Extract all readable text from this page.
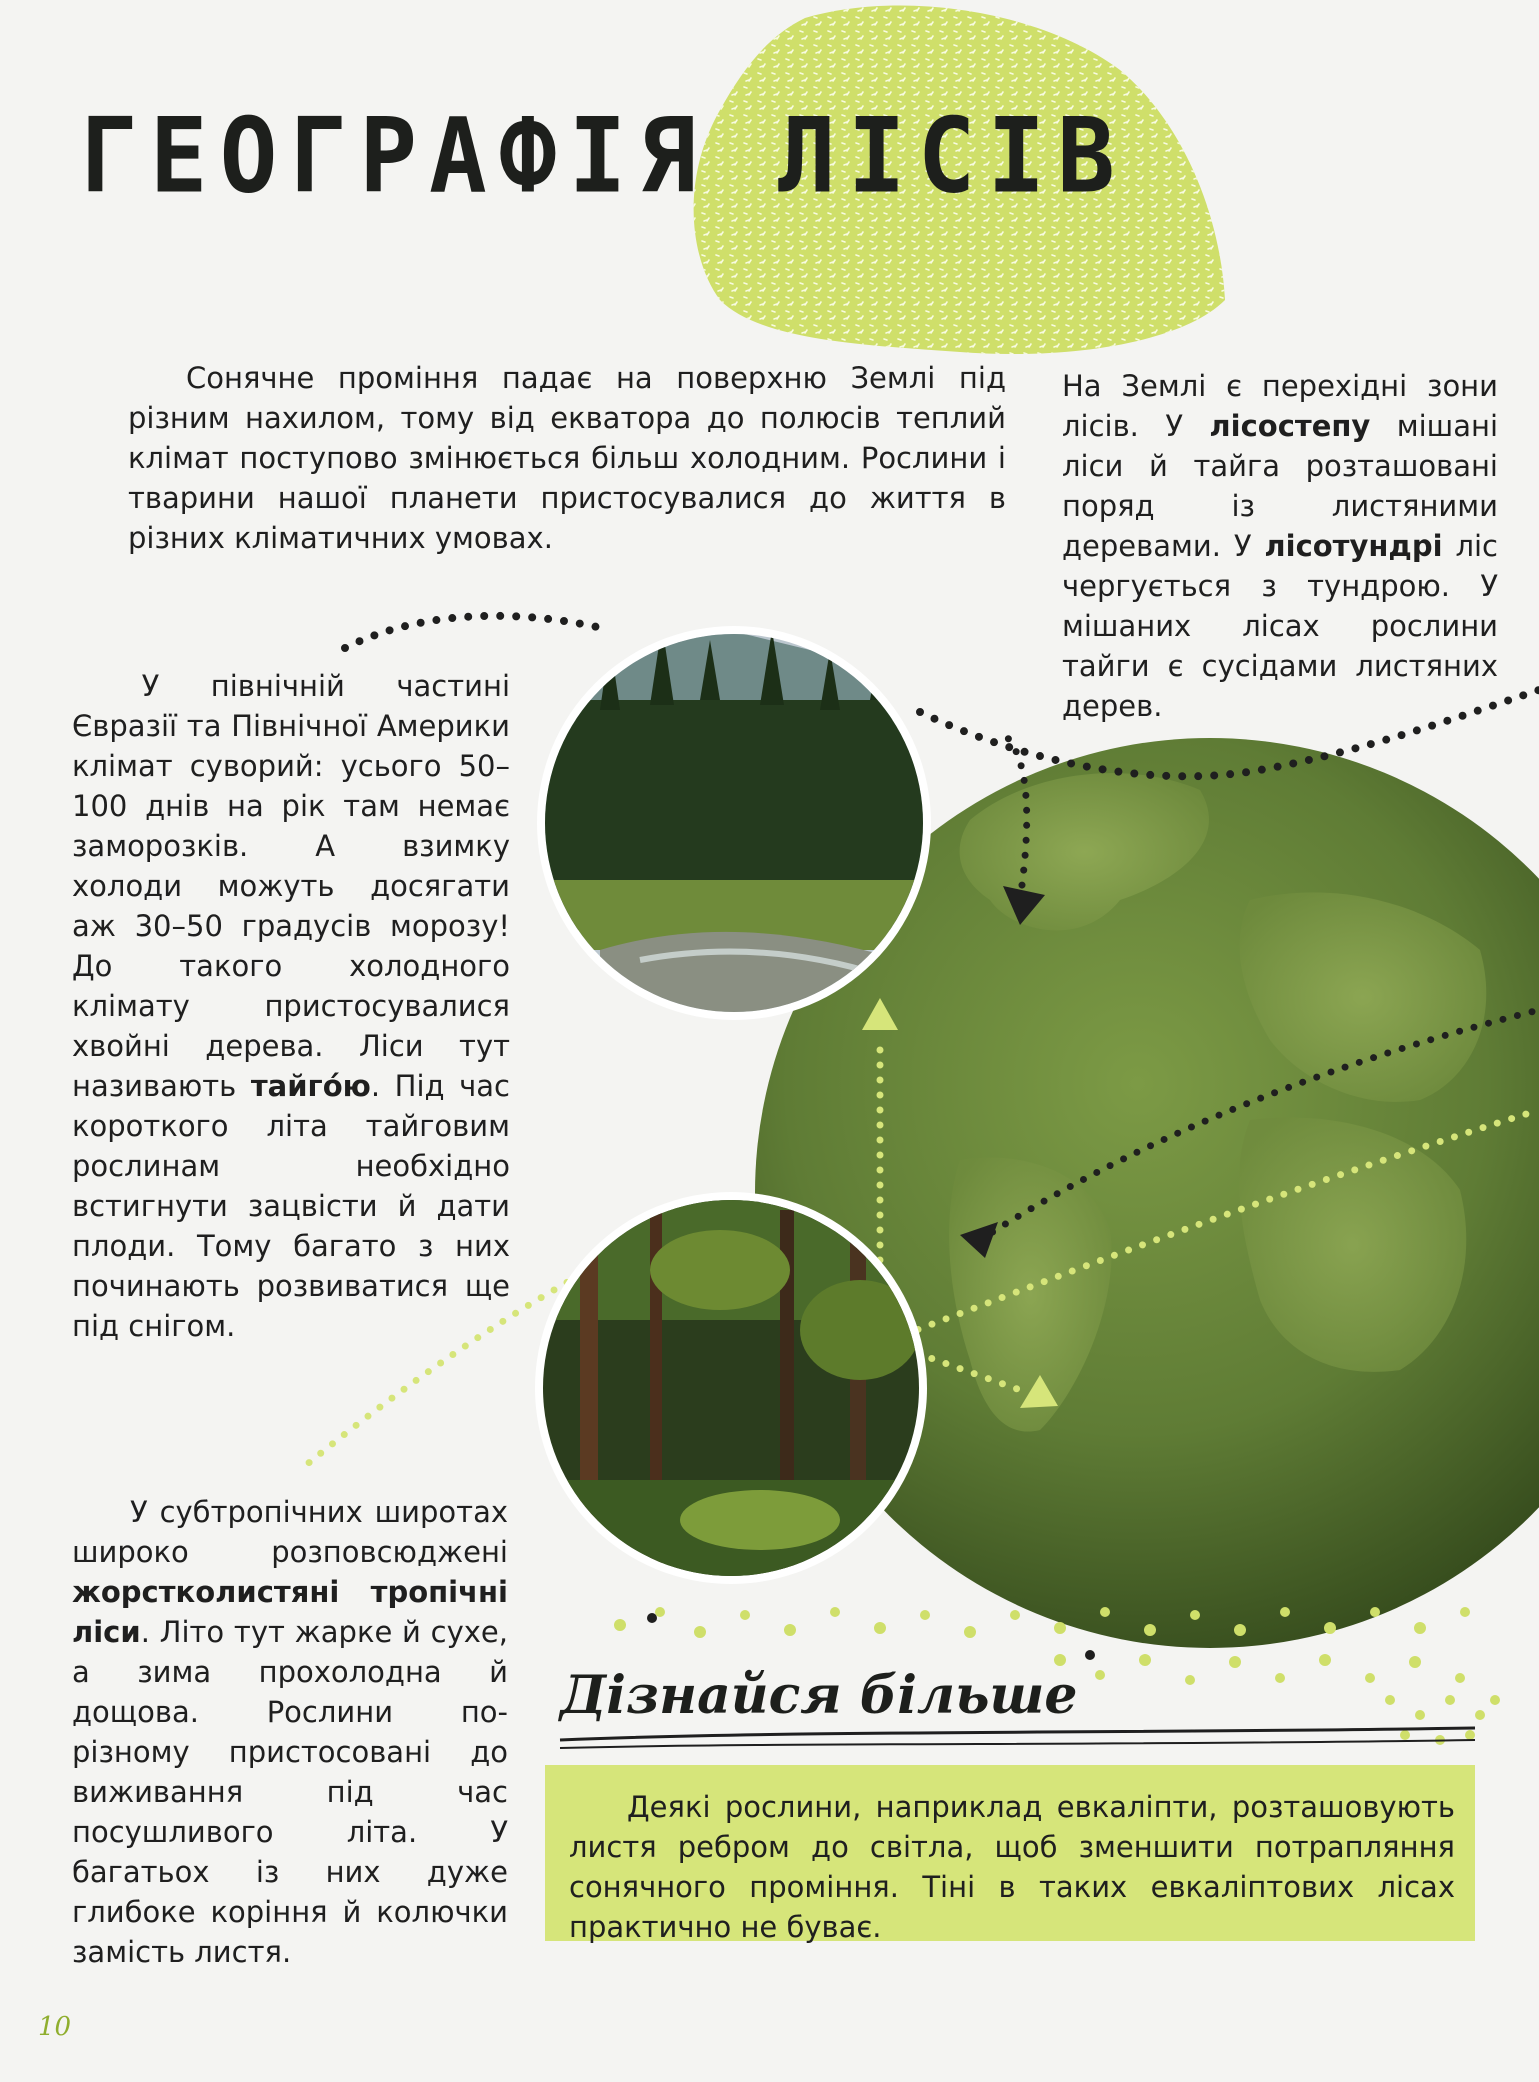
ГЕОГРАФІЯ ЛІСІВ
Сонячне проміння падає на поверхню Землі під різним нахилом, тому від екватора до полюсів теплий клімат поступово змінюється більш холодним. Рослини і тварини нашої планети пристосувалися до життя в різних кліматичних умовах.
На Землі є перехідні зони лісів. У лісостепу мішані ліси й тайга розташовані поряд із листяними деревами. У лісотундрі ліс чергується з тундрою. У мішаних лісах рослини тайги є сусідами листяних дерев.
У північній частині Євразії та Північної Америки клімат суворий: усього 50–100 днів на рік там немає заморозків. А взимку холоди можуть досягати аж 30–50 градусів морозу! До такого холодного клімату пристосувалися хвойні дерева. Ліси тут називають тайгóю. Під час короткого літа тайговим рослинам необхідно встигнути зацвісти й дати плоди. Тому багато з них починають розвиватися ще під снігом.
У субтропічних широтах широко розповсюджені жорстколистяні тропічні ліси. Літо тут жарке й сухе, а зима прохолодна й дощова. Рослини по-різному пристосовані до виживання під час посушливого літа. У багатьох із них дуже глибоке коріння й колючки замість листя.
Дізнайся більше
Деякі рослини, наприклад евкаліпти, розташовують листя ребром до світла, щоб зменшити потрапляння сонячного проміння. Тіні в таких евкаліптових лісах практично не буває.
10
